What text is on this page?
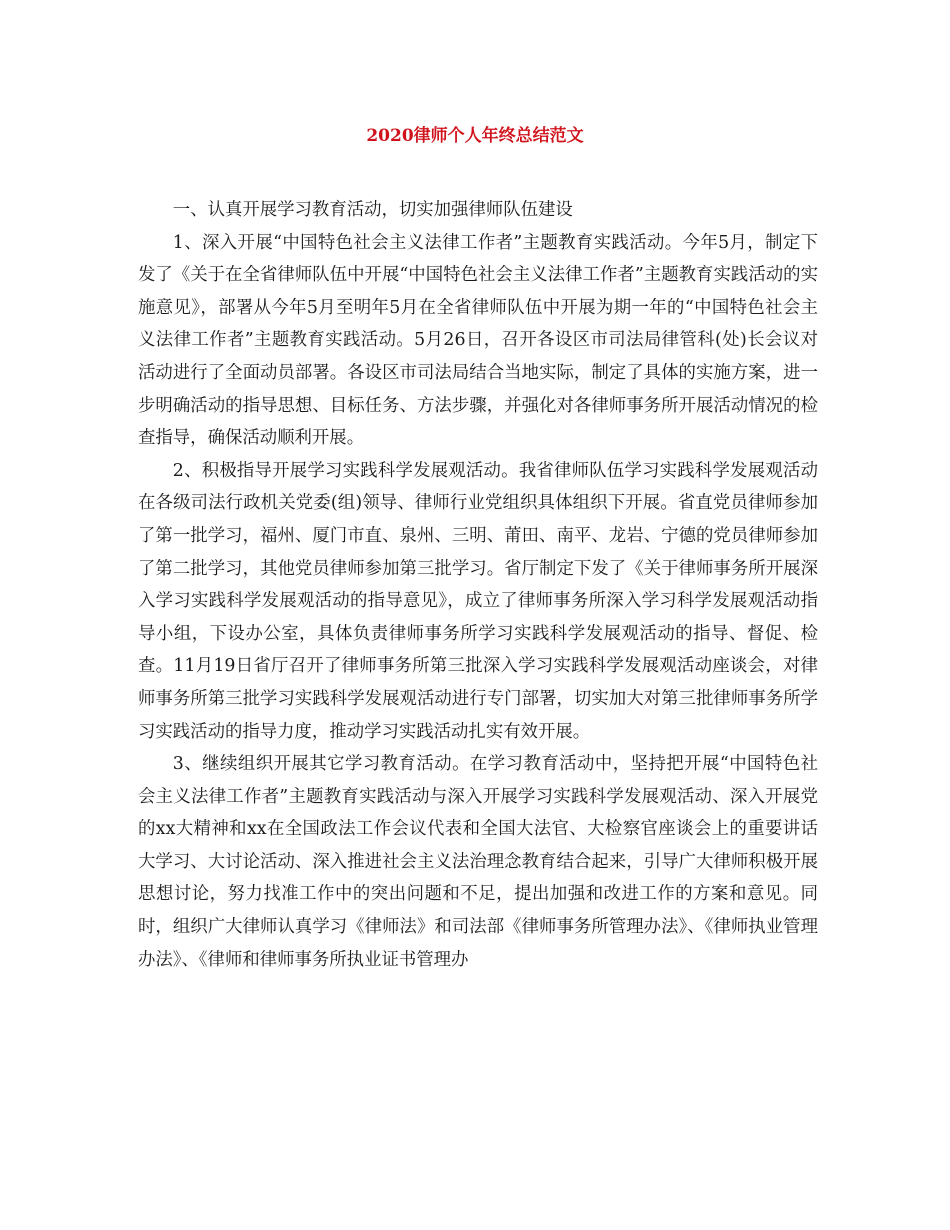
2020律师个人年终总结范文

一、认真开展学习教育活动，切实加强律师队伍建设

1、深入开展“中国特色社会主义法律工作者”主题教育实践活动。今年5月，制定下发了《关于在全省律师队伍中开展“中国特色社会主义法律工作者”主题教育实践活动的实施意见》，部署从今年5月至明年5月在全省律师队伍中开展为期一年的“中国特色社会主义法律工作者”主题教育实践活动。5月26日，召开各设区市司法局律管科(处)长会议对活动进行了全面动员部署。各设区市司法局结合当地实际，制定了具体的实施方案，进一步明确活动的指导思想、目标任务、方法步骤，并强化对各律师事务所开展活动情况的检查指导，确保活动顺利开展。

2、积极指导开展学习实践科学发展观活动。我省律师队伍学习实践科学发展观活动在各级司法行政机关党委(组)领导、律师行业党组织具体组织下开展。省直党员律师参加了第一批学习，福州、厦门市直、泉州、三明、莆田、南平、龙岩、宁德的党员律师参加了第二批学习，其他党员律师参加第三批学习。省厅制定下发了《关于律师事务所开展深入学习实践科学发展观活动的指导意见》，成立了律师事务所深入学习科学发展观活动指导小组，下设办公室，具体负责律师事务所学习实践科学发展观活动的指导、督促、检查。11月19日省厅召开了律师事务所第三批深入学习实践科学发展观活动座谈会，对律师事务所第三批学习实践科学发展观活动进行专门部署，切实加大对第三批律师事务所学习实践活动的指导力度，推动学习实践活动扎实有效开展。

3、继续组织开展其它学习教育活动。在学习教育活动中，坚持把开展“中国特色社会主义法律工作者”主题教育实践活动与深入开展学习实践科学发展观活动、深入开展党的xx大精神和xx在全国政法工作会议代表和全国大法官、大检察官座谈会上的重要讲话大学习、大讨论活动、深入推进社会主义法治理念教育结合起来，引导广大律师积极开展思想讨论，努力找准工作中的突出问题和不足，提出加强和改进工作的方案和意见。同时，组织广大律师认真学习《律师法》和司法部《律师事务所管理办法》、《律师执业管理办法》、《律师和律师事务所执业证书管理办
